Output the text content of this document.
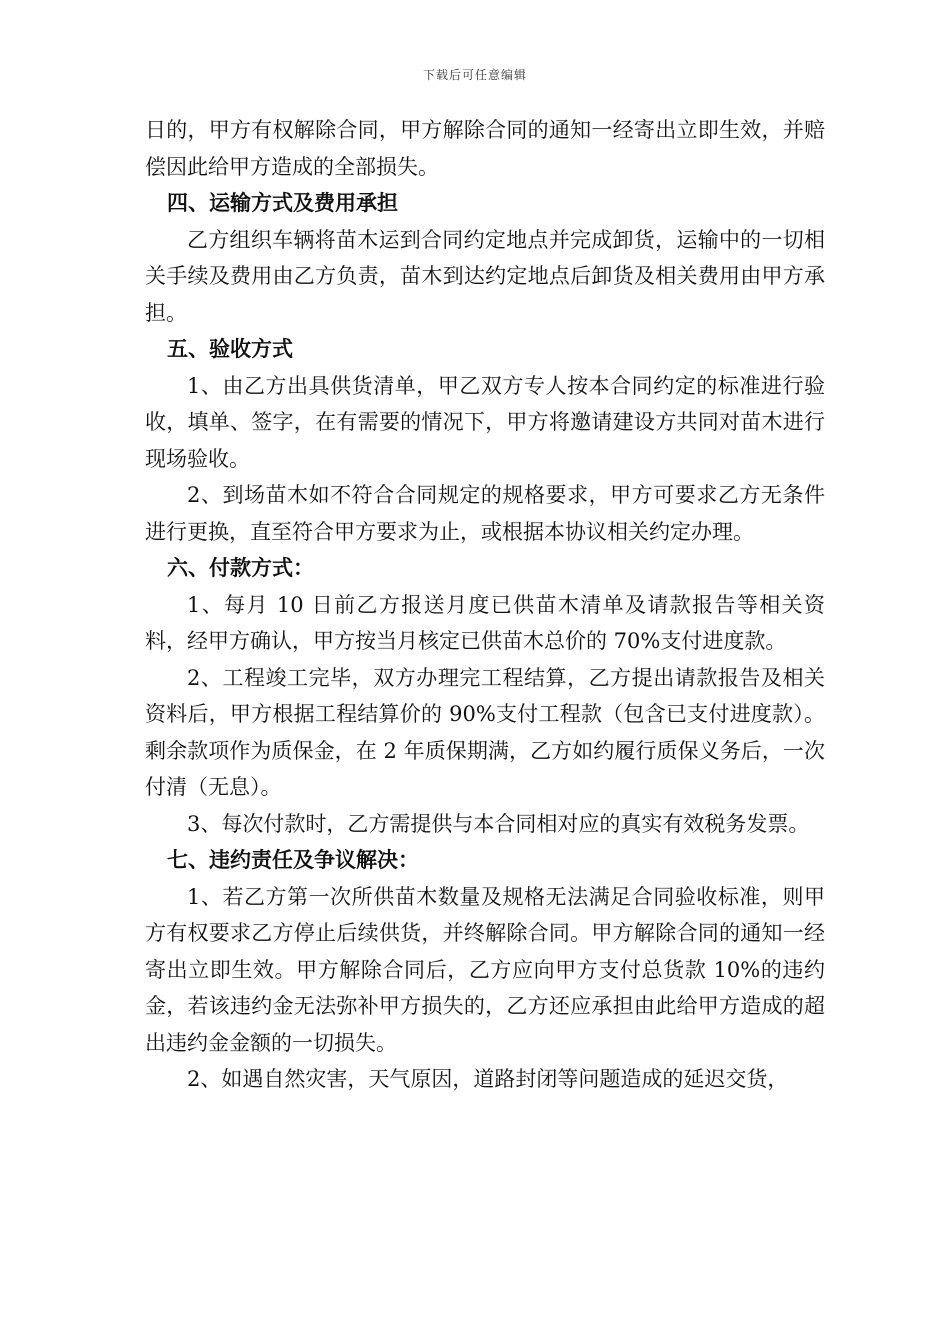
下载后可任意编辑

日的，甲方有权解除合同，甲方解除合同的通知一经寄出立即生效，并赔偿因此给甲方造成的全部损失。

四、运输方式及费用承担

乙方组织车辆将苗木运到合同约定地点并完成卸货，运输中的一切相关手续及费用由乙方负责，苗木到达约定地点后卸货及相关费用由甲方承担。

五、验收方式

1、由乙方出具供货清单，甲乙双方专人按本合同约定的标准进行验收，填单、签字，在有需要的情况下，甲方将邀请建设方共同对苗木进行现场验收。

2、到场苗木如不符合合同规定的规格要求，甲方可要求乙方无条件进行更换，直至符合甲方要求为止，或根据本协议相关约定办理。

六、付款方式：

1、每月 10 日前乙方报送月度已供苗木清单及请款报告等相关资料，经甲方确认，甲方按当月核定已供苗木总价的 70%支付进度款。

2、工程竣工完毕，双方办理完工程结算，乙方提出请款报告及相关资料后，甲方根据工程结算价的 90%支付工程款（包含已支付进度款）。剩余款项作为质保金，在 2 年质保期满，乙方如约履行质保义务后，一次付清（无息）。

3、每次付款时，乙方需提供与本合同相对应的真实有效税务发票。

七、违约责任及争议解决：

1、若乙方第一次所供苗木数量及规格无法满足合同验收标准，则甲方有权要求乙方停止后续供货，并终解除合同。甲方解除合同的通知一经寄出立即生效。甲方解除合同后，乙方应向甲方支付总货款 10%的违约金，若该违约金无法弥补甲方损失的，乙方还应承担由此给甲方造成的超出违约金金额的一切损失。

2、如遇自然灾害，天气原因，道路封闭等问题造成的延迟交货，
